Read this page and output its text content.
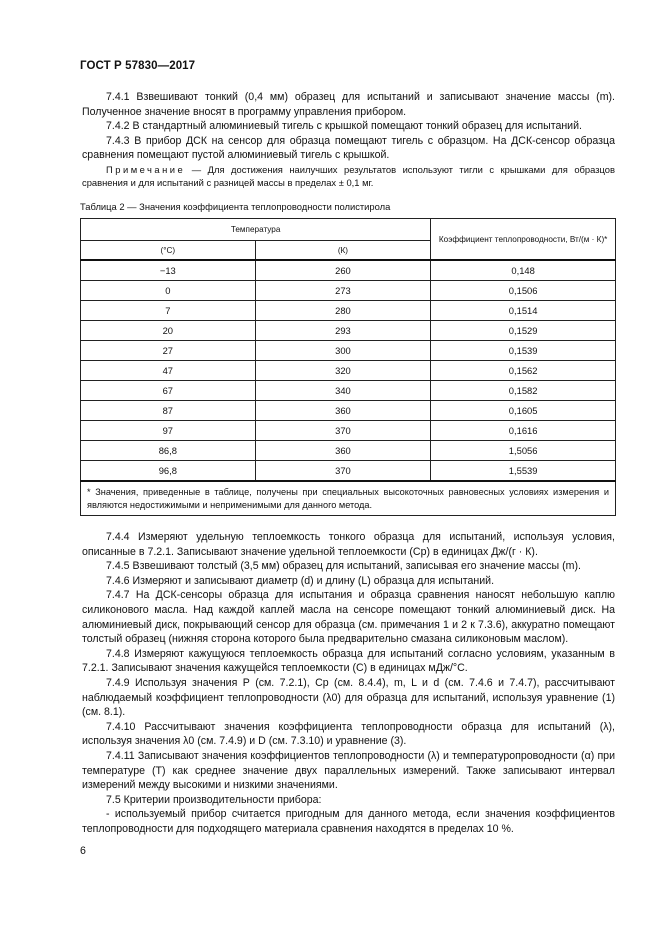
ГОСТ Р 57830—2017

7.4.1 Взвешивают тонкий (0,4 мм) образец для испытаний и записывают значение массы (m). Полученное значение вносят в программу управления прибором.

7.4.2 В стандартный алюминиевый тигель с крышкой помещают тонкий образец для испытаний.

7.4.3 В прибор ДСК на сенсор для образца помещают тигель с образцом. На ДСК-сенсор образца сравнения помещают пустой алюминиевый тигель с крышкой.

Примечание — Для достижения наилучших результатов используют тигли с крышками для образцов сравнения и для испытаний с разницей массы в пределах ± 0,1 мг.

Таблица 2 — Значения коэффициента теплопроводности полистирола
Температура		Коэффициент теплопроводности, Вт/(м · К)*
(°С)	(К)	
−13	260	0,148
0	273	0,1506
7	280	0,1514
20	293	0,1529
27	300	0,1539
47	320	0,1562
67	340	0,1582
87	360	0,1605
97	370	0,1616
86,8	360	1,5056
96,8	370	1,5539
* Значения, приведенные в таблице, получены при специальных высокоточных равновесных условиях измерения и являются недостижимыми и неприменимыми для данного метода.		

7.4.4 Измеряют удельную теплоемкость тонкого образца для испытаний, используя условия, описанные в 7.2.1. Записывают значение удельной теплоемкости (Cp) в единицах Дж/(г · К).

7.4.5 Взвешивают толстый (3,5 мм) образец для испытаний, записывая его значение массы (m).

7.4.6 Измеряют и записывают диаметр (d) и длину (L) образца для испытаний.

7.4.7 На ДСК-сенсоры образца для испытания и образца сравнения наносят небольшую каплю силиконового масла. Над каждой каплей масла на сенсоре помещают тонкий алюминиевый диск. На алюминиевый диск, покрывающий сенсор для образца (см. примечания 1 и 2 к 7.3.6), аккуратно помещают толстый образец (нижняя сторона которого была предварительно смазана силиконовым маслом).

7.4.8 Измеряют кажущуюся теплоемкость образца для испытаний согласно условиям, указанным в 7.2.1. Записывают значения кажущейся теплоемкости (С) в единицах мДж/°С.

7.4.9 Используя значения Р (см. 7.2.1), Cp (см. 8.4.4), m, L и d (см. 7.4.6 и 7.4.7), рассчитывают наблюдаемый коэффициент теплопроводности (λ0) для образца для испытаний, используя уравнение (1) (см. 8.1).

7.4.10 Рассчитывают значения коэффициента теплопроводности образца для испытаний (λ), используя значения λ0 (см. 7.4.9) и D (см. 7.3.10) и уравнение (3).

7.4.11 Записывают значения коэффициентов теплопроводности (λ) и температуропроводности (α) при температуре (Т) как среднее значение двух параллельных измерений. Также записывают интервал измерений между высокими и низкими значениями.

7.5 Критерии производительности прибора:

- используемый прибор считается пригодным для данного метода, если значения коэффициентов теплопроводности для подходящего материала сравнения находятся в пределах 10 %.

6
